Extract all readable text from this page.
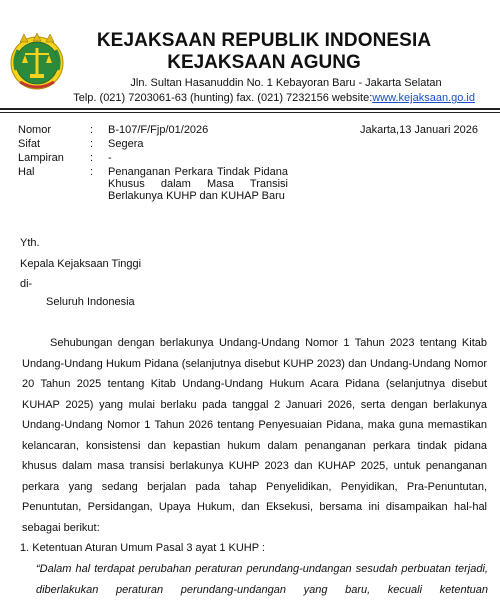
KEJAKSAAN REPUBLIK INDONESIA
KEJAKSAAN AGUNG
Jln. Sultan Hasanuddin No. 1 Kebayoran Baru - Jakarta Selatan
Telp. (021) 7203061-63 (hunting) fax. (021) 7232156 website:www.kejaksaan.go.id
Nomor	:	B-107/F/Fjp/01/2026
Sifat	:	Segera
Lampiran	:	-
Hal	:	Penanganan Perkara Tindak Pidana Khusus dalam Masa Transisi Berlakunya KUHP dan KUHAP Baru
Jakarta,13 Januari 2026
Yth.
Kepala Kejaksaan Tinggi
di-
Seluruh Indonesia

Sehubungan dengan berlakunya Undang-Undang Nomor 1 Tahun 2023 tentang Kitab Undang-Undang Hukum Pidana (selanjutnya disebut KUHP 2023) dan Undang-Undang Nomor 20 Tahun 2025 tentang Kitab Undang-Undang Hukum Acara Pidana (selanjutnya disebut KUHAP 2025) yang mulai berlaku pada tanggal 2 Januari 2026, serta dengan berlakunya Undang-Undang Nomor 1 Tahun 2026 tentang Penyesuaian Pidana, maka guna memastikan kelancaran, konsistensi dan kepastian hukum dalam penanganan perkara tindak pidana khusus dalam masa transisi berlakunya KUHP 2023 dan KUHAP 2025, untuk penanganan perkara yang sedang berjalan pada tahap Penyelidikan, Penyidikan, Pra-Penuntutan, Penuntutan, Persidangan, Upaya Hukum, dan Eksekusi, bersama ini disampaikan hal-hal sebagai berikut:

1. Ketentuan Aturan Umum Pasal 3 ayat 1 KUHP :

“Dalam hal terdapat perubahan peraturan perundang-undangan sesudah perbuatan terjadi, diberlakukan peraturan perundang-undangan yang baru, kecuali ketentuan
